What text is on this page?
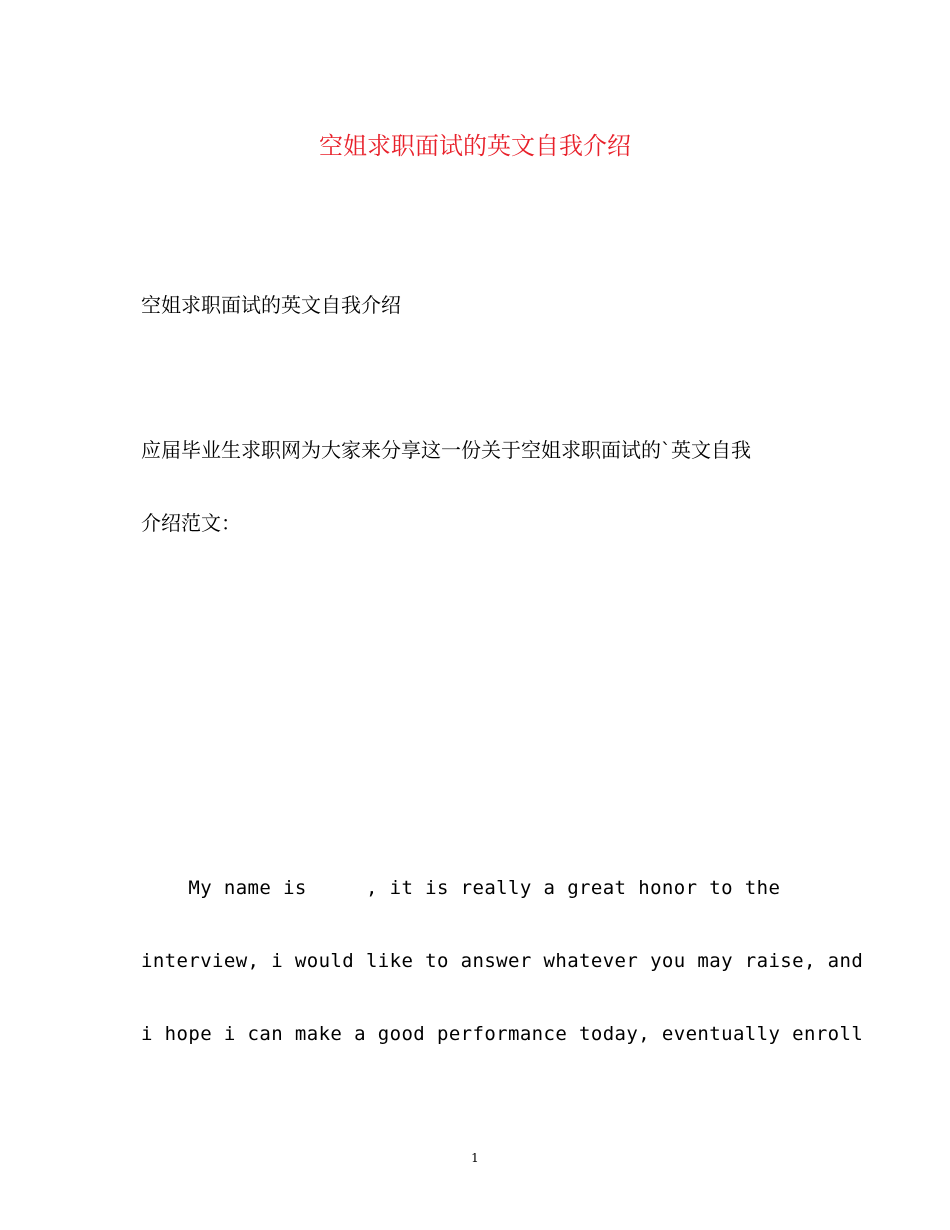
空姐求职面试的英文自我介绍
空姐求职面试的英文自我介绍
应届毕业生求职网为大家来分享这一份关于空姐求职面试的`英文自我
介绍范文：
My name is     , it is really a great honor to the
interview, i would like to answer whatever you may raise, and
i hope i can make a good performance today, eventually enroll
1
